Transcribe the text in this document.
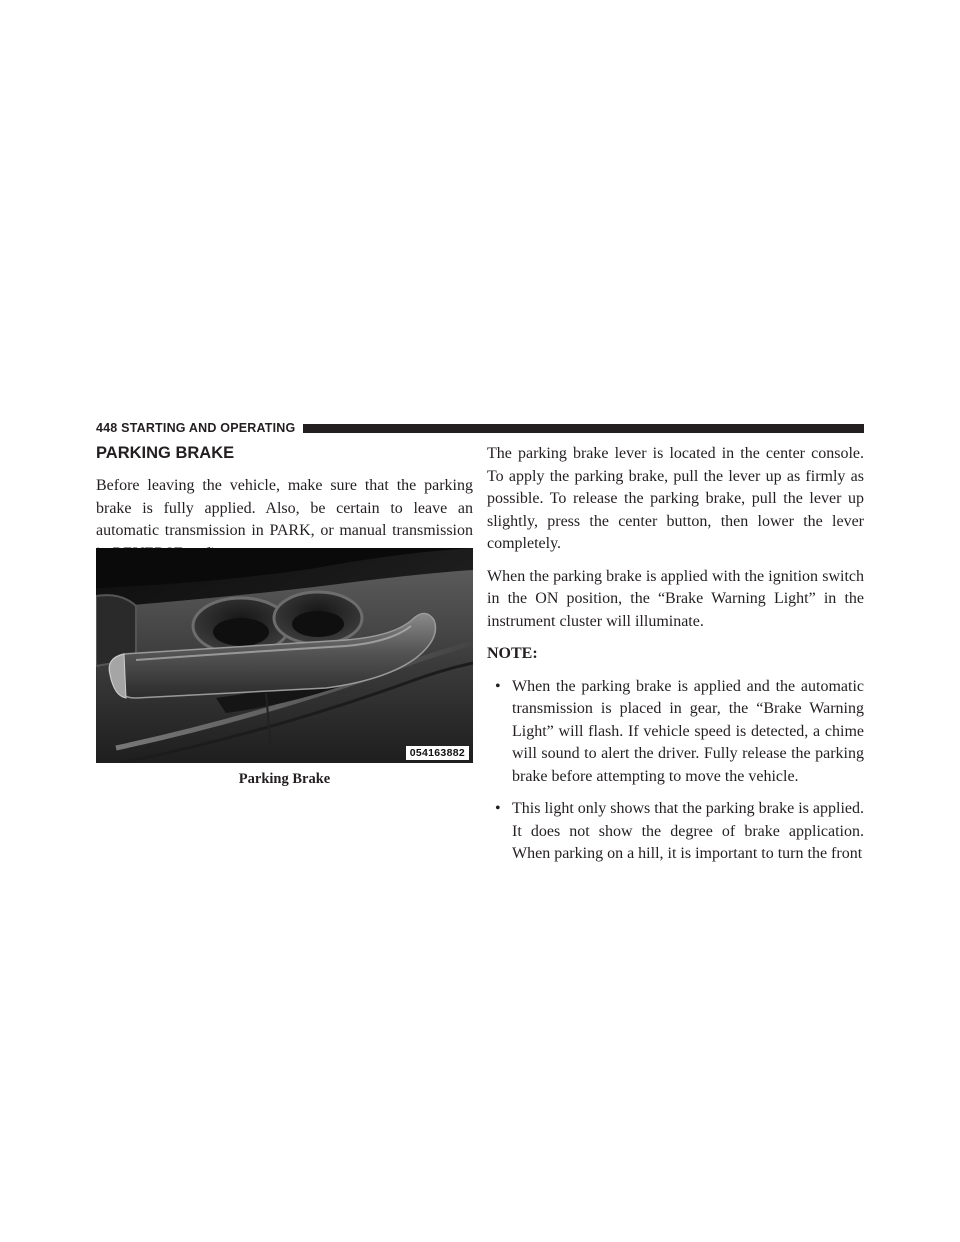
448 STARTING AND OPERATING
PARKING BRAKE

Before leaving the vehicle, make sure that the parking brake is fully applied. Also, be certain to leave an automatic transmission in PARK, or manual transmission

054163882
Parking Brake

The parking brake lever is located in the center console. To apply the parking brake, pull the lever up as firmly as possible. To release the parking brake, pull the lever up slightly, press the center button, then lower the lever completely.

When the parking brake is applied with the ignition switch in the ON position, the “Brake Warning Light” in the instrument cluster will illuminate.

NOTE:
• When the parking brake is applied and the automatic transmission is placed in gear, the “Brake Warning Light” will flash. If vehicle speed is detected, a chime will sound to alert the driver. Fully release the parking brake before attempting to move the vehicle.
• This light only shows that the parking brake is applied. It does not show the degree of brake application. When parking on a hill, it is important to turn the front
